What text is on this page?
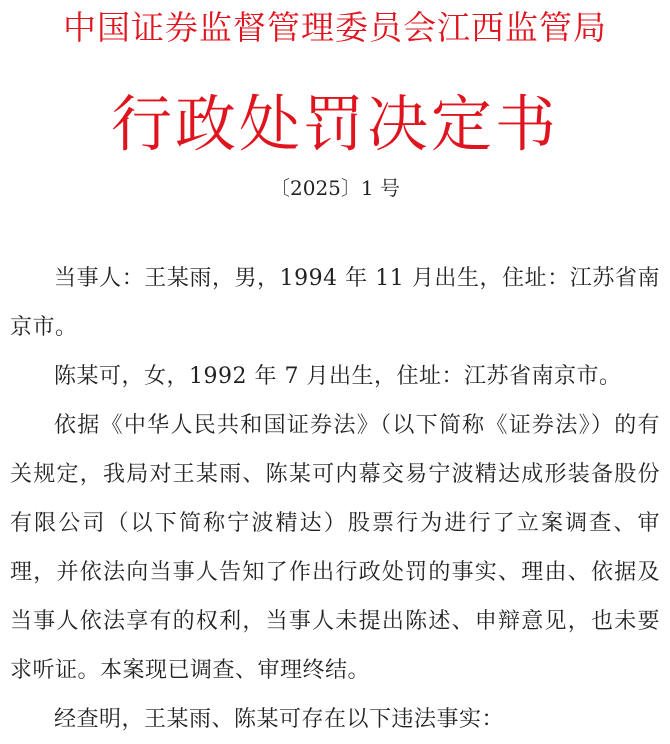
中国证券监督管理委员会江西监管局
行政处罚决定书
〔2025〕1 号

当事人：王某雨，男，1994 年 11 月出生，住址：江苏省南京市。

陈某可，女，1992 年 7 月出生，住址：江苏省南京市。

依据《中华人民共和国证券法》（以下简称《证券法》）的有关规定，我局对王某雨、陈某可内幕交易宁波精达成形装备股份有限公司（以下简称宁波精达）股票行为进行了立案调查、审理，并依法向当事人告知了作出行政处罚的事实、理由、依据及当事人依法享有的权利，当事人未提出陈述、申辩意见，也未要求听证。本案现已调查、审理终结。

经查明，王某雨、陈某可存在以下违法事实：
